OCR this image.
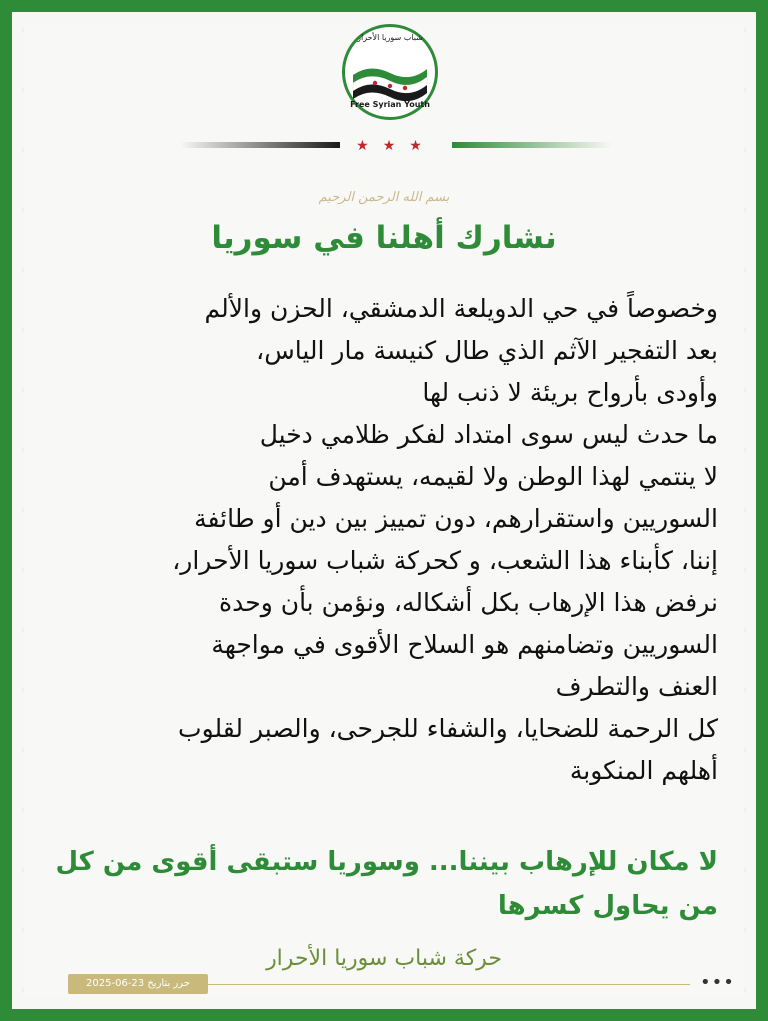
شباب سوريا الأحرار
Free Syrian Youth
★★★
بسم الله الرحمن الرحيم
نشارك أهلنا في سوريا
وخصوصاً في حي الدويلعة الدمشقي، الحزن والألم
بعد التفجير الآثم الذي طال كنيسة مار الياس،
وأودى بأرواح بريئة لا ذنب لها
ما حدث ليس سوى امتداد لفكر ظلامي دخيل
لا ينتمي لهذا الوطن ولا لقيمه، يستهدف أمن
السوريين واستقرارهم، دون تمييز بين دين أو طائفة
إننا، كأبناء هذا الشعب، و كحركة شباب سوريا الأحرار،
نرفض هذا الإرهاب بكل أشكاله، ونؤمن بأن وحدة
السوريين وتضامنهم هو السلاح الأقوى في مواجهة
العنف والتطرف
كل الرحمة للضحايا، والشفاء للجرحى، والصبر لقلوب
أهلهم المنكوبة
لا مكان للإرهاب بيننا... وسوريا ستبقى أقوى من كل
من يحاول كسرها
حركة شباب سوريا الأحرار
حرر بتاريخ 23-06-2025	•••
